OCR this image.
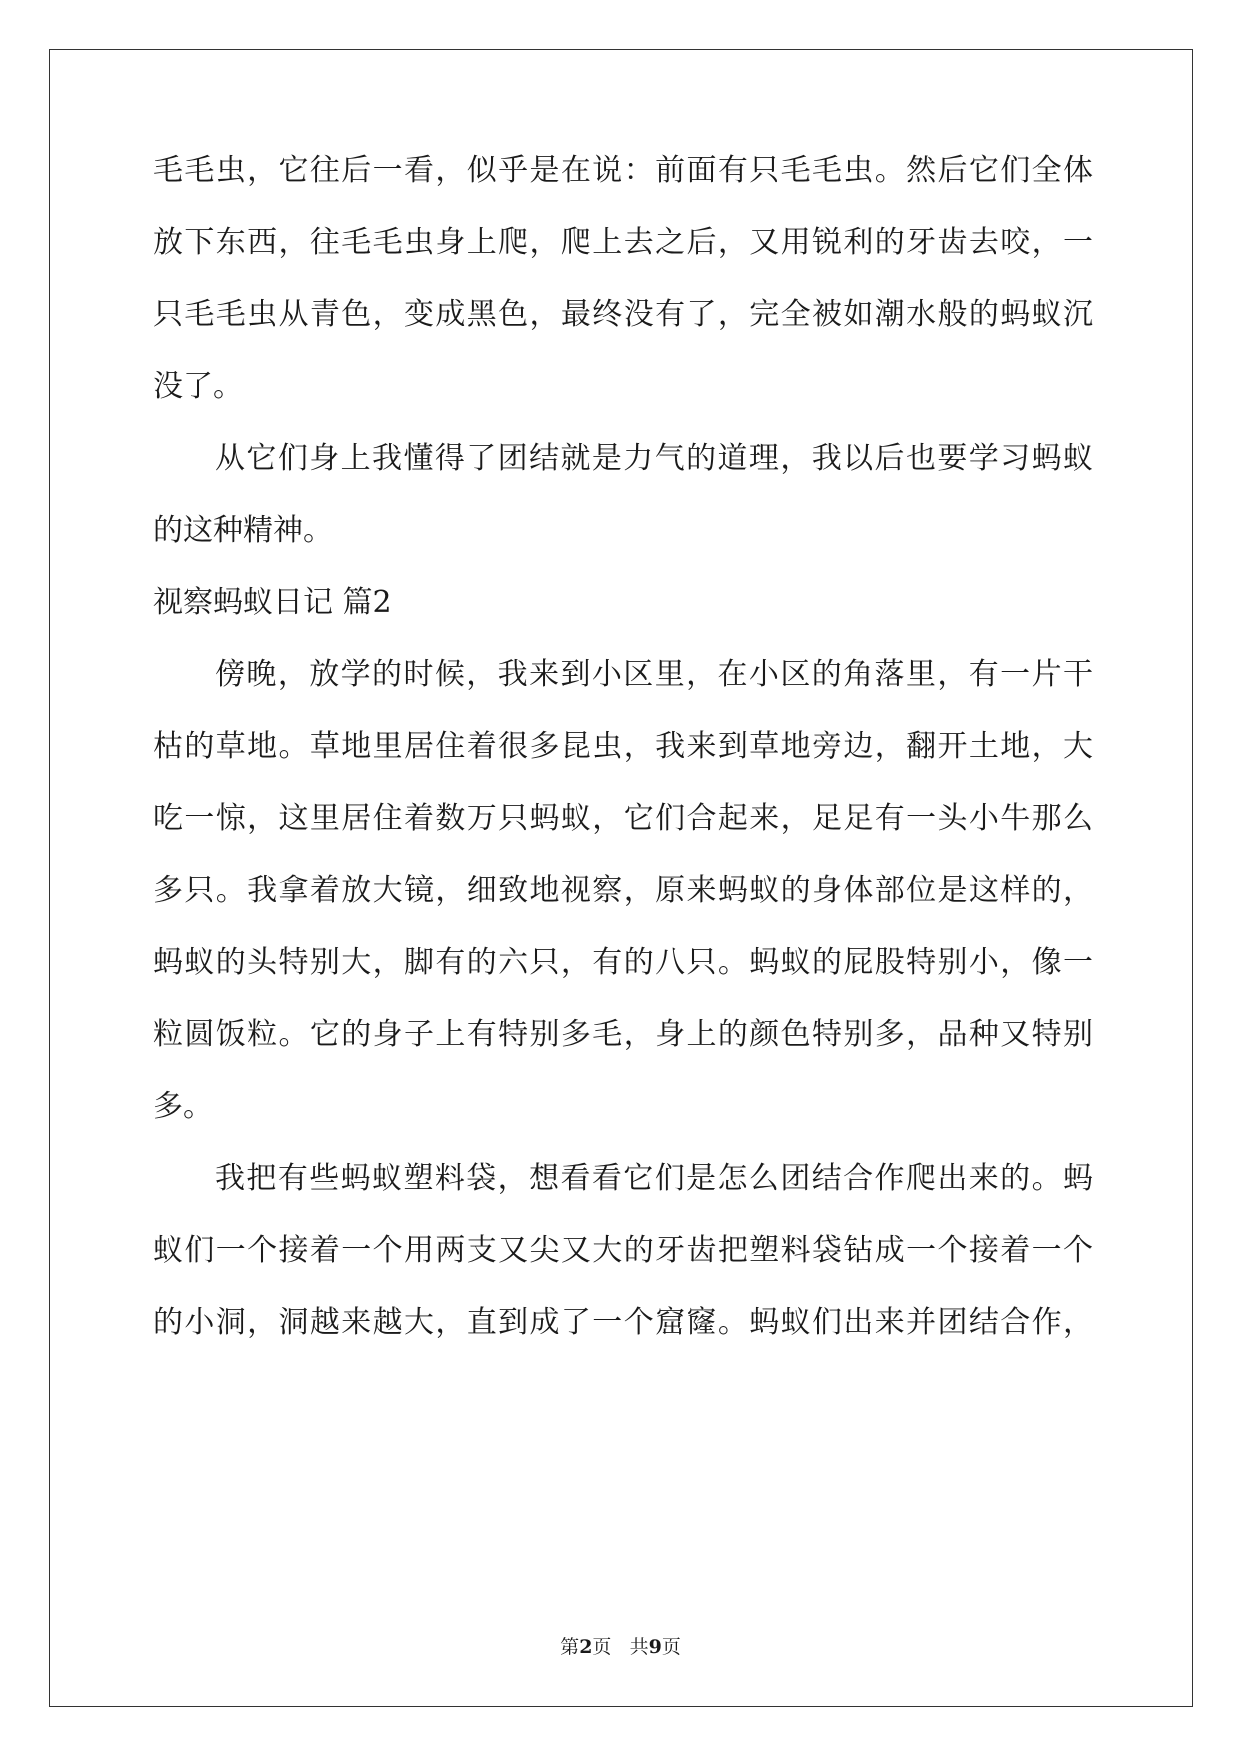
毛毛虫，它往后一看，似乎是在说：前面有只毛毛虫。然后它们全体

放下东西，往毛毛虫身上爬，爬上去之后，又用锐利的牙齿去咬，一

只毛毛虫从青色，变成黑色，最终没有了，完全被如潮水般的蚂蚁沉

没了。

从它们身上我懂得了团结就是力气的道理，我以后也要学习蚂蚁

的这种精神。

视察蚂蚁日记 篇2

傍晚，放学的时候，我来到小区里，在小区的角落里，有一片干

枯的草地。草地里居住着很多昆虫，我来到草地旁边，翻开土地，大

吃一惊，这里居住着数万只蚂蚁，它们合起来，足足有一头小牛那么

多只。我拿着放大镜，细致地视察，原来蚂蚁的身体部位是这样的，

蚂蚁的头特别大，脚有的六只，有的八只。蚂蚁的屁股特别小，像一

粒圆饭粒。它的身子上有特别多毛，身上的颜色特别多，品种又特别

多。

我把有些蚂蚁塑料袋，想看看它们是怎么团结合作爬出来的。蚂

蚁们一个接着一个用两支又尖又大的牙齿把塑料袋钻成一个接着一个

的小洞，洞越来越大，直到成了一个窟窿。蚂蚁们出来并团结合作，

第2页 共9页
